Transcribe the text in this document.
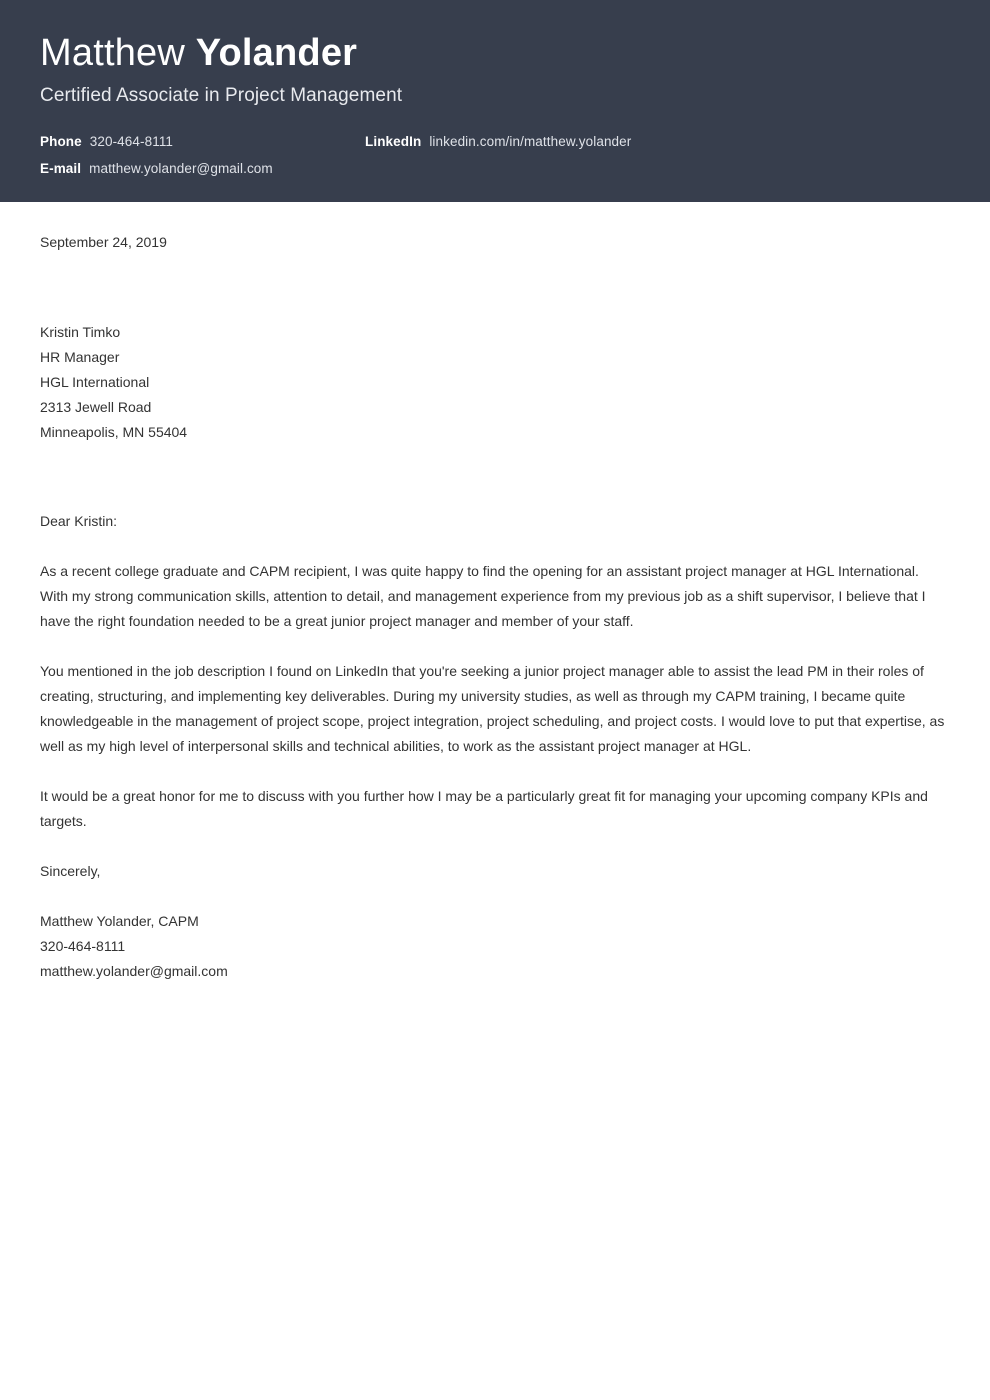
Matthew Yolander
Certified Associate in Project Management
Phone 320-464-8111	LinkedIn linkedin.com/in/matthew.yolander
E-mail matthew.yolander@gmail.com
September 24, 2019
Kristin Timko
HR Manager
HGL International
2313 Jewell Road
Minneapolis, MN 55404
Dear Kristin:
As a recent college graduate and CAPM recipient, I was quite happy to find the opening for an assistant project manager at HGL International. With my strong communication skills, attention to detail, and management experience from my previous job as a shift supervisor, I believe that I have the right foundation needed to be a great junior project manager and member of your staff.
You mentioned in the job description I found on LinkedIn that you're seeking a junior project manager able to assist the lead PM in their roles of creating, structuring, and implementing key deliverables. During my university studies, as well as through my CAPM training, I became quite knowledgeable in the management of project scope, project integration, project scheduling, and project costs. I would love to put that expertise, as well as my high level of interpersonal skills and technical abilities, to work as the assistant project manager at HGL.
It would be a great honor for me to discuss with you further how I may be a particularly great fit for managing your upcoming company KPIs and targets.
Sincerely,
Matthew Yolander, CAPM
320-464-8111
matthew.yolander@gmail.com
